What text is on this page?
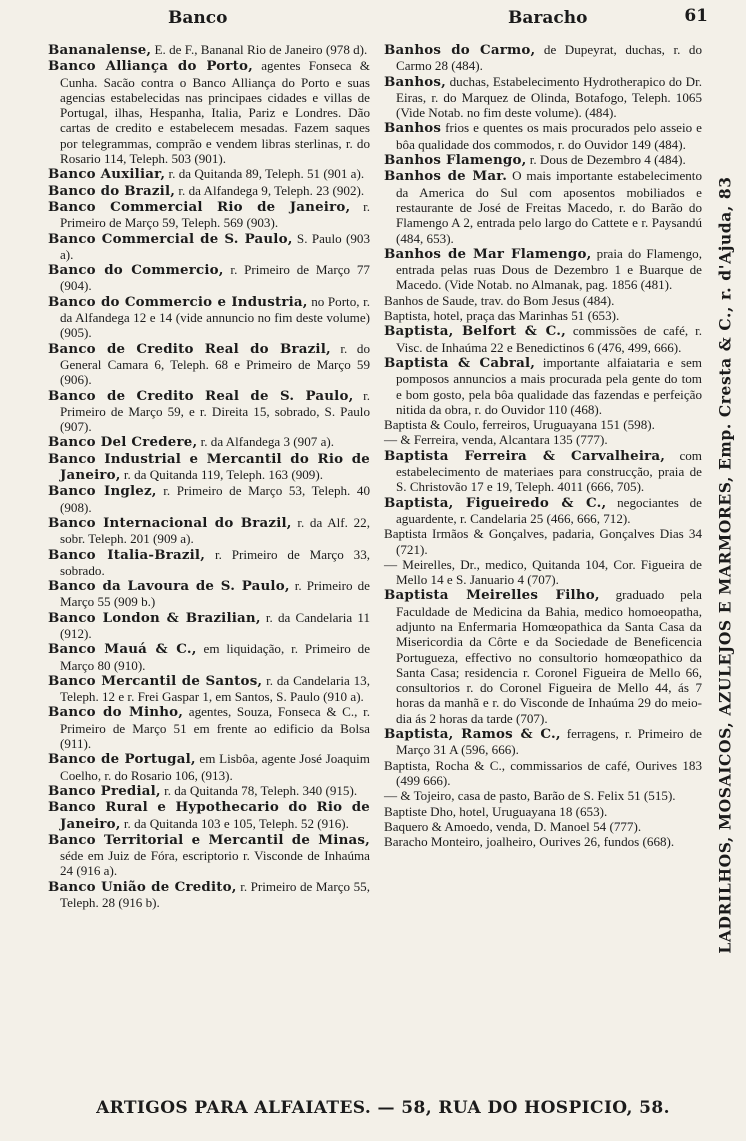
Banco	Baracho	61
Bananalense, E. de F., Bananal Rio de Janeiro (978 d).
Banco Alliança do Porto, agentes Fonseca & Cunha. Sacão contra o Banco Alliança do Porto e suas agencias estabelecidas nas principaes cidades e villas de Portugal, ilhas, Hespanha, Italia, Pariz e Londres. Dão cartas de credito e estabelecem mesadas. Fazem saques por telegrammas, comprão e vendem libras sterlinas, r. do Rosario 114, Teleph. 503 (901).
Banco Auxiliar, r. da Quitanda 89, Teleph. 51 (901 a).
Banco do Brazil, r. da Alfandega 9, Teleph. 23 (902).
Banco Commercial Rio de Janeiro, r. Primeiro de Março 59, Teleph. 569 (903).
Banco Commercial de S. Paulo, S. Paulo (903 a).
Banco do Commercio, r. Primeiro de Março 77 (904).
Banco do Commercio e Industria, no Porto, r. da Alfandega 12 e 14 (vide annuncio no fim deste volume) (905).
Banco de Credito Real do Brazil, r. do General Camara 6, Teleph. 68 e Primeiro de Março 59 (906).
Banco de Credito Real de S. Paulo, r. Primeiro de Março 59, e r. Direita 15, sobrado, S. Paulo (907).
Banco Del Credere, r. da Alfandega 3 (907 a).
Banco Industrial e Mercantil do Rio de Janeiro, r. da Quitanda 119, Teleph. 163 (909).
Banco Inglez, r. Primeiro de Março 53, Teleph. 40 (908).
Banco Internacional do Brazil, r. da Alf. 22, sobr. Teleph. 201 (909 a).
Banco Italia-Brazil, r. Primeiro de Março 33, sobrado.
Banco da Lavoura de S. Paulo, r. Primeiro de Março 55 (909 b.)
Banco London & Brazilian, r. da Candelaria 11 (912).
Banco Mauá & C., em liquidação, r. Primeiro de Março 80 (910).
Banco Mercantil de Santos, r. da Candelaria 13, Teleph. 12 e r. Frei Gaspar 1, em Santos, S. Paulo (910 a).
Banco do Minho, agentes, Souza, Fonseca & C., r. Primeiro de Março 51 em frente ao edificio da Bolsa (911).
Banco de Portugal, em Lisbôa, agente José Joaquim Coelho, r. do Rosario 106, (913).
Banco Predial, r. da Quitanda 78, Teleph. 340 (915).
Banco Rural e Hypothecario do Rio de Janeiro, r. da Quitanda 103 e 105, Teleph. 52 (916).
Banco Territorial e Mercantil de Minas, séde em Juiz de Fóra, escriptorio r. Visconde de Inhaúma 24 (916 a).
Banco União de Credito, r. Primeiro de Março 55, Teleph. 28 (916 b).
Banhos do Carmo, de Dupeyrat, duchas, r. do Carmo 28 (484).
Banhos, duchas, Estabelecimento Hydrotherapico do Dr. Eiras, r. do Marquez de Olinda, Botafogo, Teleph. 1065 (Vide Notab. no fim deste volume). (484).
Banhos frios e quentes os mais procurados pelo asseio e bôa qualidade dos commodos, r. do Ouvidor 149 (484).
Banhos Flamengo, r. Dous de Dezembro 4 (484).
Banhos de Mar. O mais importante estabelecimento da America do Sul com aposentos mobiliados e restaurante de José de Freitas Macedo, r. do Barão do Flamengo A 2, entrada pelo largo do Cattete e r. Paysandú (484, 653).
Banhos de Mar Flamengo, praia do Flamengo, entrada pelas ruas Dous de Dezembro 1 e Buarque de Macedo. (Vide Notab. no Almanak, pag. 1856 (481).
Banhos de Saude, trav. do Bom Jesus (484).
Baptista, hotel, praça das Marinhas 51 (653).
Baptista, Belfort & C., commissões de café, r. Visc. de Inhaúma 22 e Benedictinos 6 (476, 499, 666).
Baptista & Cabral, importante alfaiataria e sem pomposos annuncios a mais procurada pela gente do tom e bom gosto, pela bôa qualidade das fazendas e perfeição nitida da obra, r. do Ouvidor 110 (468).
Baptista & Coulo, ferreiros, Uruguayana 151 (598).
— & Ferreira, venda, Alcantara 135 (777).
Baptista Ferreira & Carvalheira, com estabelecimento de materiaes para construcção, praia de S. Christovão 17 e 19, Teleph. 4011 (666, 705).
Baptista, Figueiredo & C., negociantes de aguardente, r. Candelaria 25 (466, 666, 712).
Baptista Irmãos & Gonçalves, padaria, Gonçalves Dias 34 (721).
— Meirelles, Dr., medico, Quitanda 104, Cor. Figueira de Mello 14 e S. Januario 4 (707).
Baptista Meirelles Filho, graduado pela Faculdade de Medicina da Bahia, medico homoeopatha, adjunto na Enfermaria Homœopathica da Santa Casa da Misericordia da Côrte e da Sociedade de Beneficencia Portugueza, effectivo no consultorio homœopathico da Santa Casa; residencia r. Coronel Figueira de Mello 66, consultorios r. do Coronel Figueira de Mello 44, ás 7 horas da manhã e r. do Visconde de Inhaúma 29 do meio-dia ás 2 horas da tarde (707).
Baptista, Ramos & C., ferragens, r. Primeiro de Março 31 A (596, 666).
Baptista, Rocha & C., commissarios de café, Ourives 183 (499 666).
— & Tojeiro, casa de pasto, Barão de S. Felix 51 (515).
Baptiste Dho, hotel, Uruguayana 18 (653).
Baquero & Amoedo, venda, D. Manoel 54 (777).
Baracho Monteiro, joalheiro, Ourives 26, fundos (668).	LADRILHOS, MOSAICOS, AZULEJOS E MARMORES, Emp. Cresta & C., r. d'Ajuda, 83
ARTIGOS PARA ALFAIATES. — 58, RUA DO HOSPICIO, 58.
